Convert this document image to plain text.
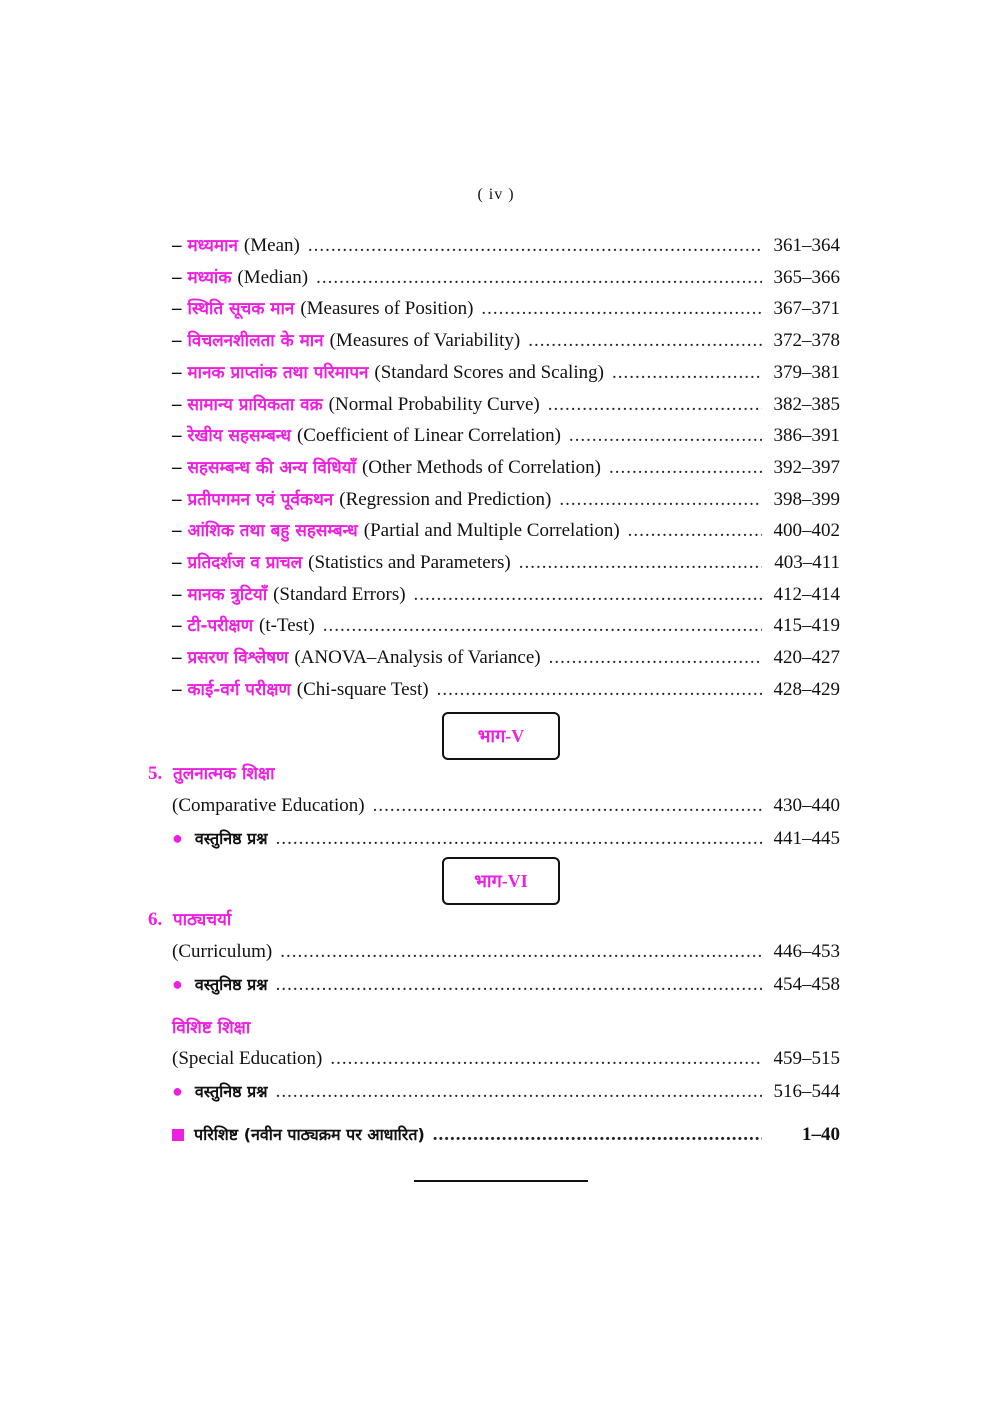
( iv )
– मध्यमान (Mean) .....	361–364
– मध्यांक (Median) .....	365–366
– स्थिति सूचक मान (Measures of Position) .....	367–371
– विचलनशीलता के मान (Measures of Variability) .....	372–378
– मानक प्राप्तांक तथा परिमापन (Standard Scores and Scaling) .....	379–381
– सामान्य प्रायिकता वक्र (Normal Probability Curve) .....	382–385
– रेखीय सहसम्बन्ध (Coefficient of Linear Correlation) .....	386–391
– सहसम्बन्ध की अन्य विधियाँ (Other Methods of Correlation) .....	392–397
– प्रतीपगमन एवं पूर्वकथन (Regression and Prediction) .....	398–399
– आंशिक तथा बहु सहसम्बन्ध (Partial and Multiple Correlation) .....	400–402
– प्रतिदर्शज व प्राचल (Statistics and Parameters) .....	403–411
– मानक त्रुटियाँ (Standard Errors) .....	412–414
– टी-परीक्षण (t-Test) .....	415–419
– प्रसरण विश्लेषण (ANOVA–Analysis of Variance) .....	420–427
– काई-वर्ग परीक्षण (Chi-square Test) .....	428–429
भाग-V
5. तुलनात्मक शिक्षा
(Comparative Education) .....	430–440
● वस्तुनिष्ठ प्रश्न .....	441–445
भाग-VI
6. पाठ्यचर्या
(Curriculum) .....	446–453
● वस्तुनिष्ठ प्रश्न .....	454–458
विशिष्ट शिक्षा
(Special Education) .....	459–515
● वस्तुनिष्ठ प्रश्न .....	516–544
परिशिष्ट (नवीन पाठ्यक्रम पर आधारित) .....	1–40
